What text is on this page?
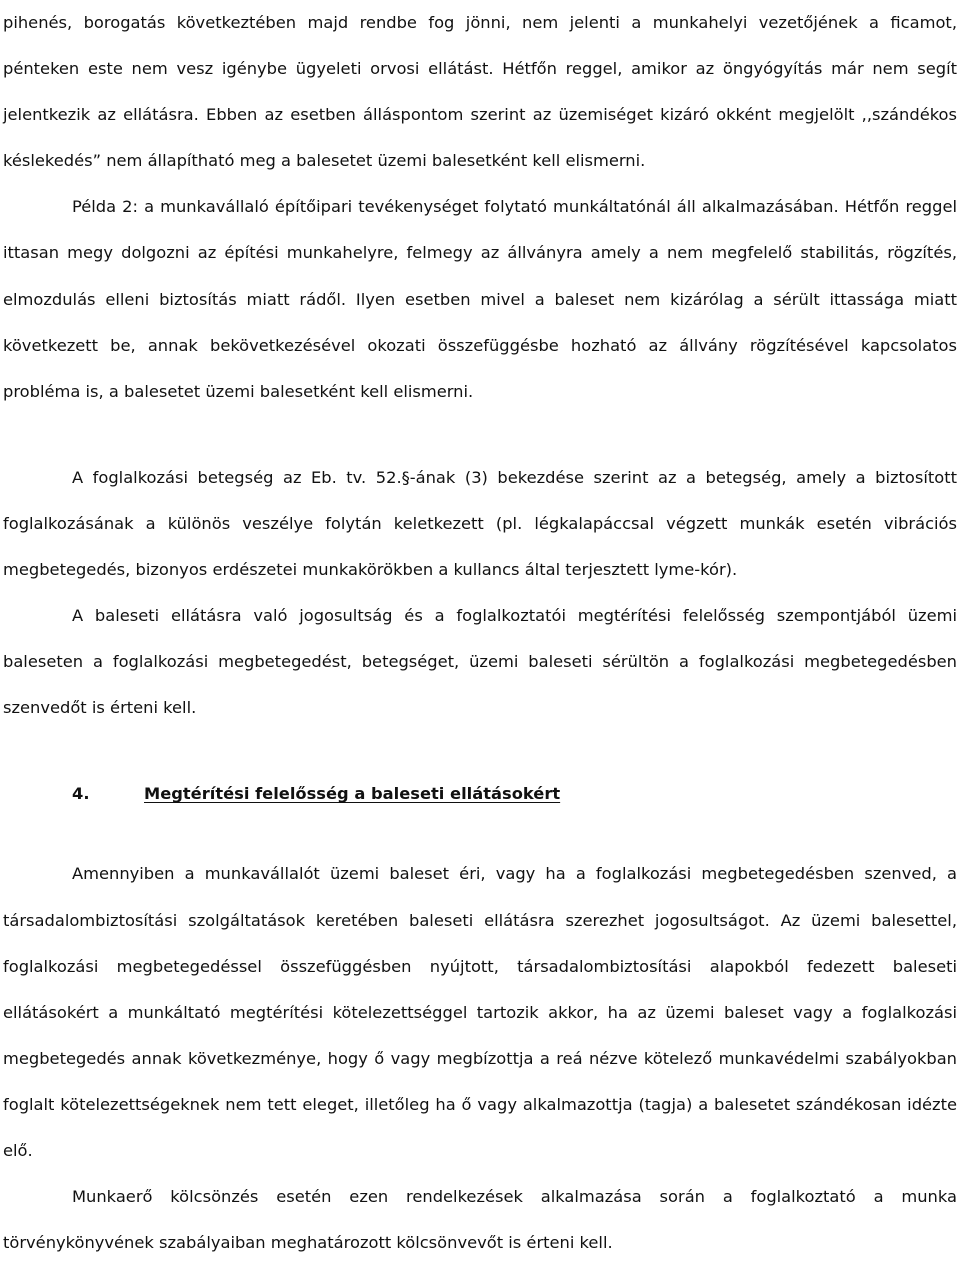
pihenés, borogatás következtében majd rendbe fog jönni, nem jelenti a munkahelyi vezetőjének a ficamot, pénteken este nem vesz igénybe ügyeleti orvosi ellátást. Hétfőn reggel, amikor az öngyógyítás már nem segít jelentkezik az ellátásra. Ebben az esetben álláspontom szerint az üzemiséget kizáró okként megjelölt ,,szándékos késlekedés” nem állapítható meg a balesetet üzemi balesetként kell elismerni.

Példa 2: a munkavállaló építőipari tevékenységet folytató munkáltatónál áll alkalmazásában. Hétfőn reggel ittasan megy dolgozni az építési munkahelyre, felmegy az állványra amely a nem megfelelő stabilitás, rögzítés, elmozdulás elleni biztosítás miatt rádől. Ilyen esetben mivel a baleset nem kizárólag a sérült ittassága miatt következett be, annak bekövetkezésével okozati összefüggésbe hozható az állvány rögzítésével kapcsolatos probléma is, a balesetet üzemi balesetként kell elismerni.

A foglalkozási betegség az Eb. tv. 52.§-ának (3) bekezdése szerint az a betegség, amely a biztosított foglalkozásának a különös veszélye folytán keletkezett (pl. légkalapáccsal végzett munkák esetén vibrációs megbetegedés, bizonyos erdészetei munkakörökben a kullancs által terjesztett lyme-kór).

A baleseti ellátásra való jogosultság és a foglalkoztatói megtérítési felelősség szempontjából üzemi baleseten a foglalkozási megbetegedést, betegséget, üzemi baleseti sérültön a foglalkozási megbetegedésben szenvedőt is érteni kell.

4.	Megtérítési felelősség a baleseti ellátásokért

Amennyiben a munkavállalót üzemi baleset éri, vagy ha a foglalkozási megbetegedésben szenved, a társadalombiztosítási szolgáltatások keretében baleseti ellátásra szerezhet jogosultságot. Az üzemi balesettel, foglalkozási megbetegedéssel összefüggésben nyújtott, társadalombiztosítási alapokból fedezett baleseti ellátásokért a munkáltató megtérítési kötelezettséggel tartozik akkor, ha az üzemi baleset vagy a foglalkozási megbetegedés annak következménye, hogy ő vagy megbízottja a reá nézve kötelező munkavédelmi szabályokban foglalt kötelezettségeknek nem tett eleget, illetőleg ha ő vagy alkalmazottja (tagja) a balesetet szándékosan idézte elő.

Munkaerő kölcsönzés esetén ezen rendelkezések alkalmazása során a foglalkoztató a munka törvénykönyvének szabályaiban meghatározott kölcsönvevőt is érteni kell.
